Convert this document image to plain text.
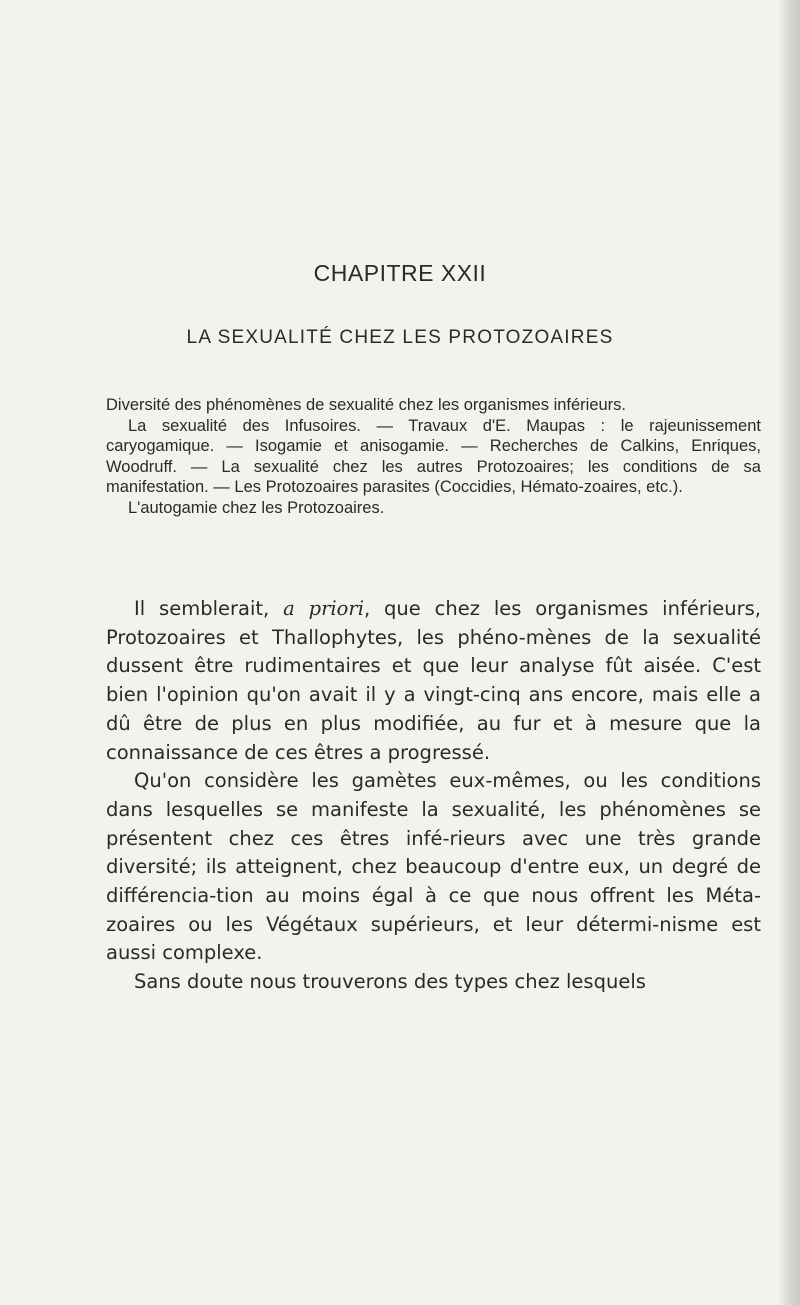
CHAPITRE XXII
LA SEXUALITÉ CHEZ LES PROTOZOAIRES

Diversité des phénomènes de sexualité chez les organismes inférieurs.

La sexualité des Infusoires. — Travaux d'E. Maupas : le rajeunissement caryogamique. — Isogamie et anisogamie. — Recherches de Calkins, Enriques, Woodruff. — La sexualité chez les autres Protozoaires; les conditions de sa manifestation. — Les Protozoaires parasites (Coccidies, Hémato-zoaires, etc.).

L'autogamie chez les Protozoaires.

Il semblerait, a priori, que chez les organismes inférieurs, Protozoaires et Thallophytes, les phéno-mènes de la sexualité dussent être rudimentaires et que leur analyse fût aisée. C'est bien l'opinion qu'on avait il y a vingt-cinq ans encore, mais elle a dû être de plus en plus modifiée, au fur et à mesure que la connaissance de ces êtres a progressé.

Qu'on considère les gamètes eux-mêmes, ou les conditions dans lesquelles se manifeste la sexualité, les phénomènes se présentent chez ces êtres infé-rieurs avec une très grande diversité; ils atteignent, chez beaucoup d'entre eux, un degré de différencia-tion au moins égal à ce que nous offrent les Méta-zoaires ou les Végétaux supérieurs, et leur détermi-nisme est aussi complexe.

Sans doute nous trouverons des types chez lesquels
